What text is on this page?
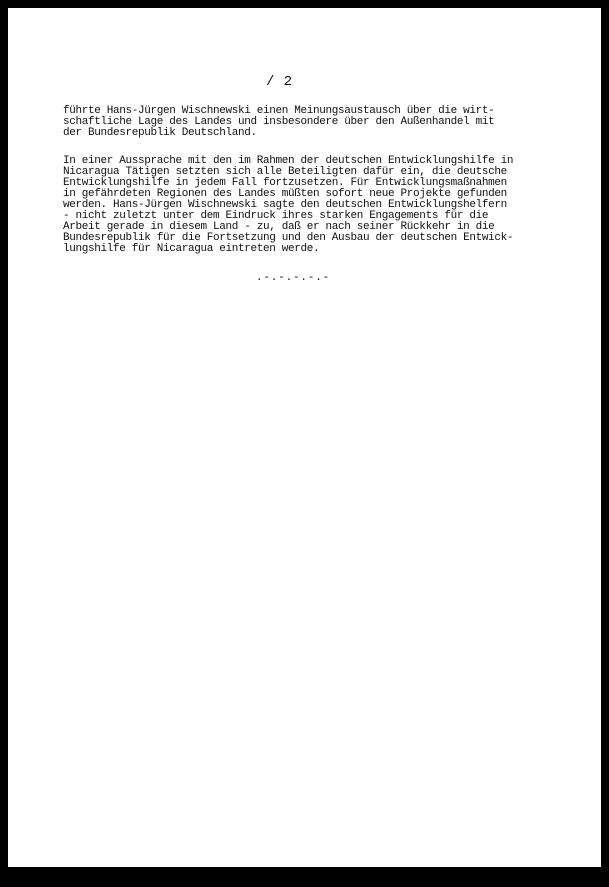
/ 2
führte Hans-Jürgen Wischnewski einen Meinungsaustausch über die wirt-
schaftliche Lage des Landes und insbesondere über den Außenhandel mit
der Bundesrepublik Deutschland.
In einer Aussprache mit den im Rahmen der deutschen Entwicklungshilfe in
Nicaragua Tätigen setzten sich alle Beteiligten dafür ein, die deutsche
Entwicklungshilfe in jedem Fall fortzusetzen. Für Entwicklungsmaßnahmen
in gefährdeten Regionen des Landes müßten sofort neue Projekte gefunden
werden. Hans-Jürgen Wischnewski sagte den deutschen Entwicklungshelfern
- nicht zuletzt unter dem Eindruck ihres starken Engagements für die
Arbeit gerade in diesem Land - zu, daß er nach seiner Rückkehr in die
Bundesrepublik für die Fortsetzung und den Ausbau der deutschen Entwick-
lungshilfe für Nicaragua eintreten werde.
.-.-.-.-.-
